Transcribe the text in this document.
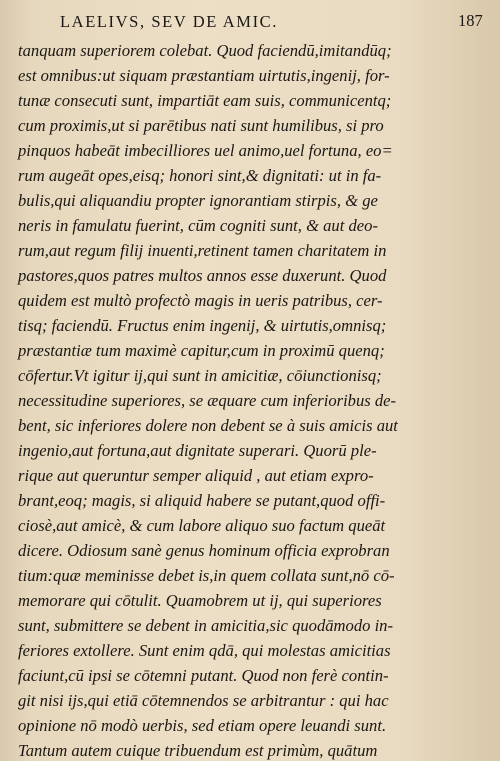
LAELIVS, SEV DE AMIC.	187
tanquam superiorem colebat. Quod faciendū,imitandūq;
est omnibus:ut siquam præstantiam uirtutis,ingenij, for-
tunæ consecuti sunt, impartiāt eam suis, communicentq;
cum proximis,ut si parētibus nati sunt humilibus, si pro
pinquos habeāt imbecilliores uel animo,uel fortuna, eo=
rum augeāt opes,eisq; honori sint,& dignitati: ut in fa-
bulis,qui aliquandiu propter ignorantiam stirpis, & ge
neris in famulatu fuerint, cūm cogniti sunt, & aut deo-
rum,aut regum filij inuenti,retinent tamen charitatem in
pastores,quos patres multos annos esse duxerunt. Quod
quidem est multò profectò magis in ueris patribus, cer-
tisq; faciendū. Fructus enim ingenij, & uirtutis,omnisq;
præstantiæ tum maximè capitur,cum in proximū quenq;
cōfertur.Vt igitur ij,qui sunt in amicitiæ, cōiunctionisq;
necessitudine superiores, se æquare cum inferioribus de-
bent, sic inferiores dolere non debent se à suis amicis aut
ingenio,aut fortuna,aut dignitate superari. Quorū ple-
rique aut queruntur semper aliquid , aut etiam expro-
brant,eoq; magis, si aliquid habere se putant,quod offi-
ciosè,aut amicè, & cum labore aliquo suo factum queāt
dicere. Odiosum sanè genus hominum officia exprobran
tium:quæ meminisse debet is,in quem collata sunt,nō cō-
memorare qui cōtulit. Quamobrem ut ij, qui superiores
sunt, submittere se debent in amicitia,sic quodāmodo in-
feriores extollere. Sunt enim qdā, qui molestas amicitias
faciunt,cū ipsi se cōtemni putant. Quod non ferè contin-
git nisi ijs,qui etiā cōtemnendos se arbitrantur : qui hac
opinione nō modò uerbis, sed etiam opere leuandi sunt.
Tantum autem cuique tribuendum est primùm, quātum
